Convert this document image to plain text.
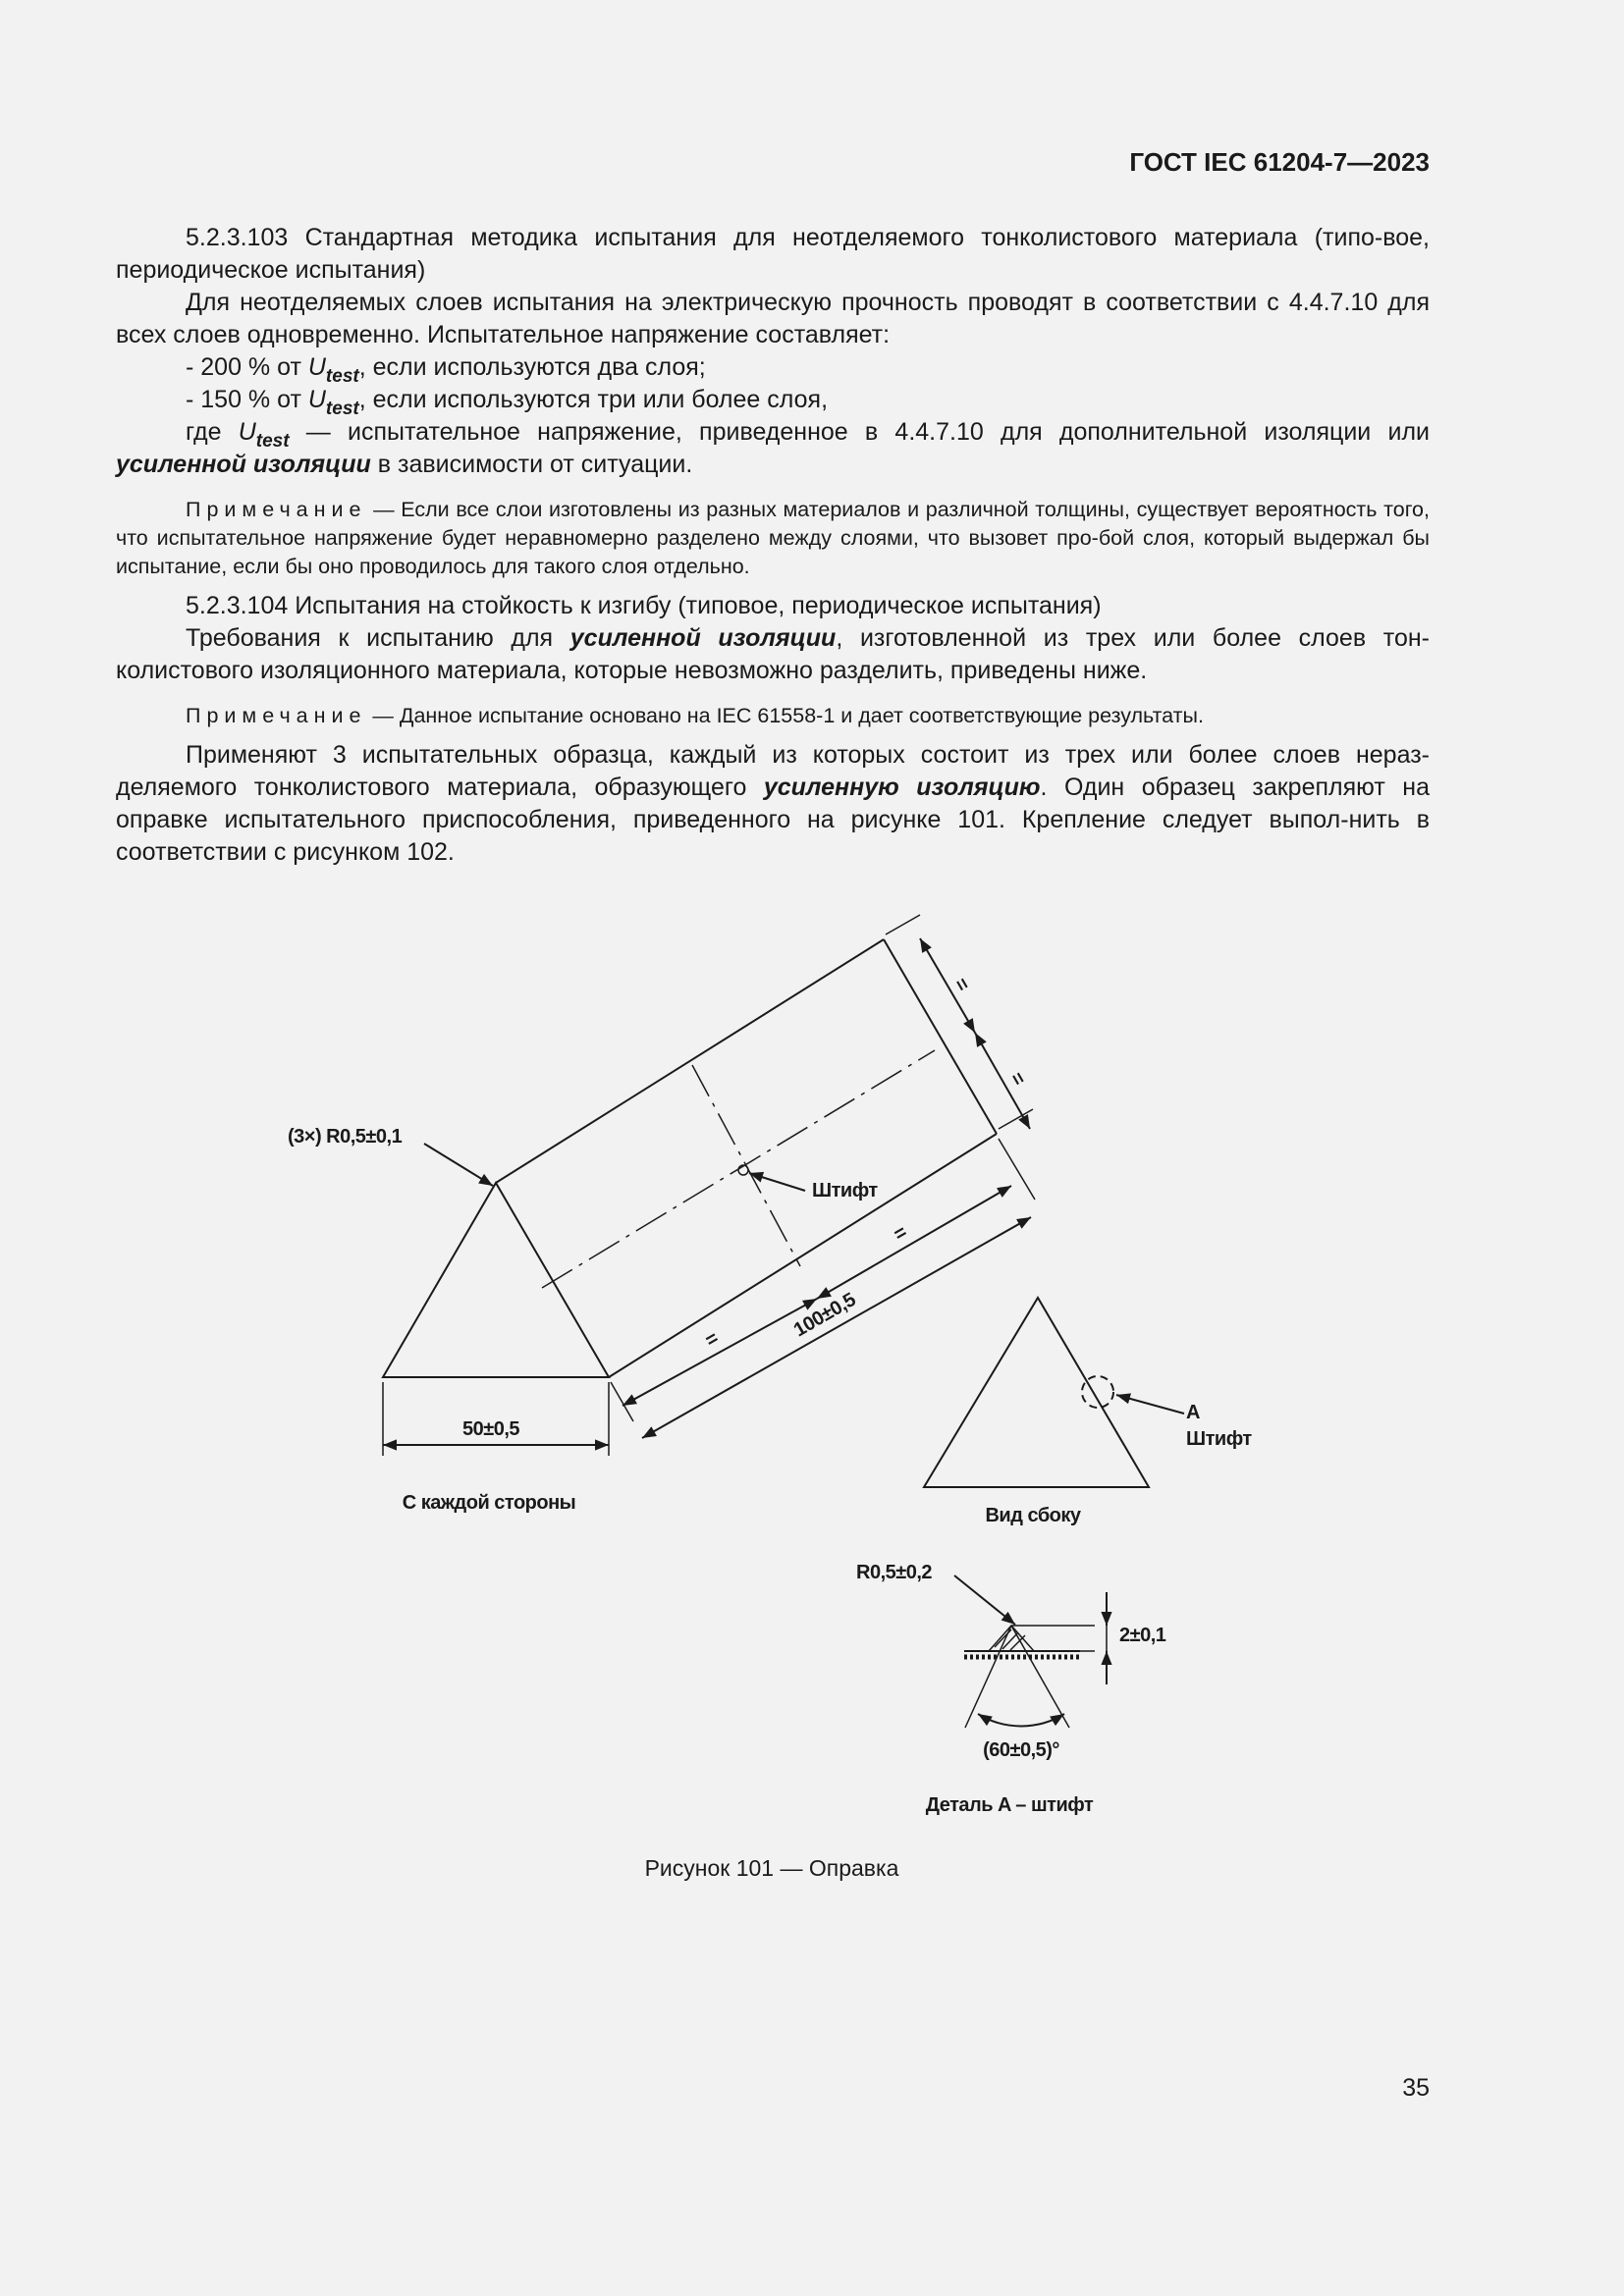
ГОСТ IEC 61204-7—2023

5.2.3.103 Стандартная методика испытания для неотделяемого тонколистового материала (типо-вое, периодическое испытания)

Для неотделяемых слоев испытания на электрическую прочность проводят в соответствии с 4.4.7.10 для всех слоев одновременно. Испытательное напряжение составляет:

- 200 % от $U_{test}$, если используются два слоя;

- 150 % от $U_{test}$, если используются три или более слоя,

где $U_{test}$ — испытательное напряжение, приведенное в 4.4.7.10 для дополнительной изоляции или усиленной изоляции в зависимости от ситуации.

Примечание — Если все слои изготовлены из разных материалов и различной толщины, существует вероятность того, что испытательное напряжение будет неравномерно разделено между слоями, что вызовет про-бой слоя, который выдержал бы испытание, если бы оно проводилось для такого слоя отдельно.

5.2.3.104 Испытания на стойкость к изгибу (типовое, периодическое испытания)

Требования к испытанию для усиленной изоляции, изготовленной из трех или более слоев тон-колистового изоляционного материала, которые невозможно разделить, приведены ниже.

Примечание — Данное испытание основано на IEC 61558-1 и дает соответствующие результаты.

Применяют 3 испытательных образца, каждый из которых состоит из трех или более слоев нераз-деляемого тонколистового материала, образующего усиленную изоляцию. Один образец закрепляют на оправке испытательного приспособления, приведенного на рисунке 101. Крепление следует выпол-нить в соответствии с рисунком 102.

(3×) R0,5±0,1
Штифт
=
=
=
=
100±0,5
50±0,5
С каждой стороны
Вид сбоку
A
Штифт
R0,5±0,2
2±0,1
(60±0,5)°
Деталь A – штифт
Рисунок 101 — Оправка
35
